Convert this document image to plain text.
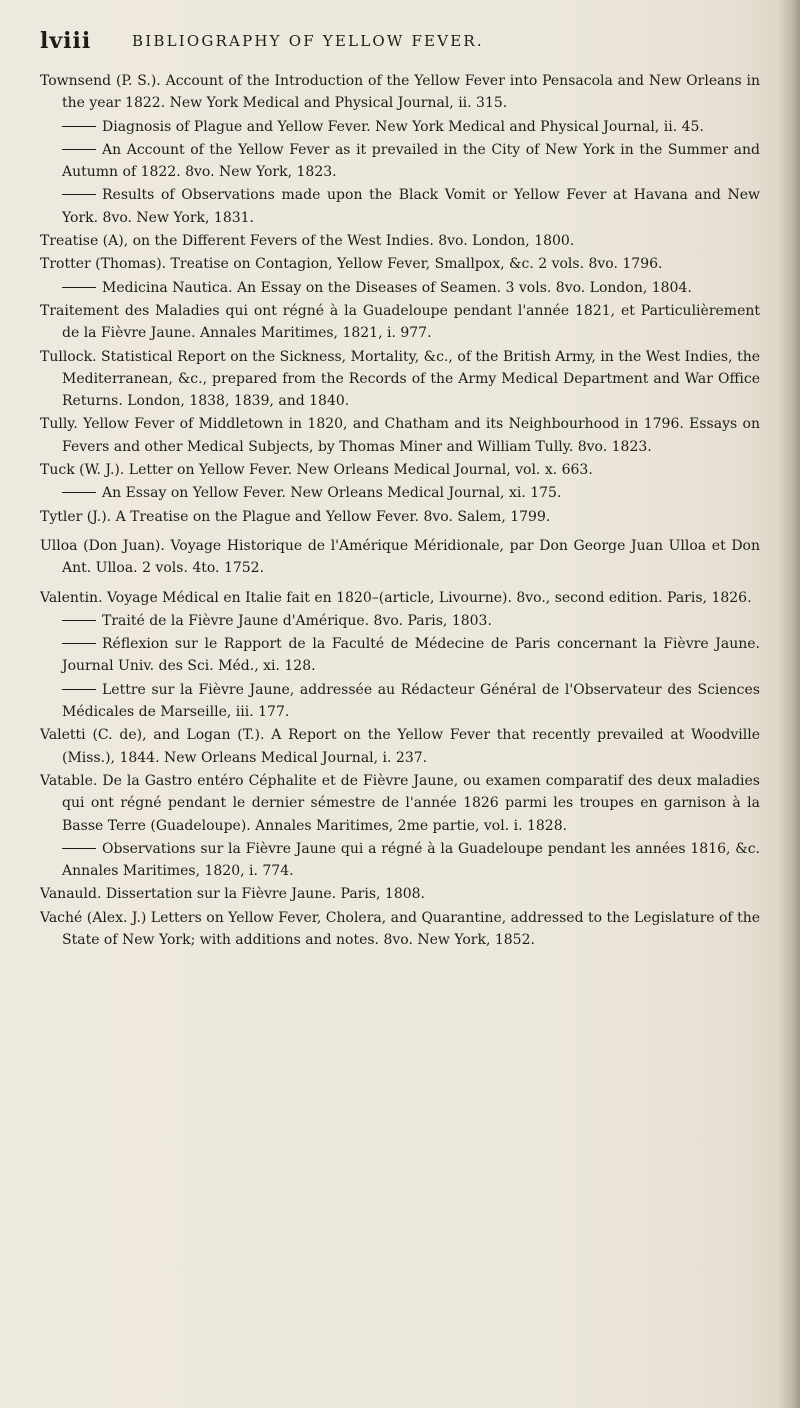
lviii	BIBLIOGRAPHY OF YELLOW FEVER.

Townsend (P. S.). Account of the Introduction of the Yellow Fever into Pensacola and New Orleans in the year 1822. New York Medical and Physical Journal, ii. 315.

Diagnosis of Plague and Yellow Fever. New York Medical and Physical Journal, ii. 45.

An Account of the Yellow Fever as it prevailed in the City of New York in the Summer and Autumn of 1822. 8vo. New York, 1823.

Results of Observations made upon the Black Vomit or Yellow Fever at Havana and New York. 8vo. New York, 1831.

Treatise (A), on the Different Fevers of the West Indies. 8vo. London, 1800.

Trotter (Thomas). Treatise on Contagion, Yellow Fever, Smallpox, &c. 2 vols. 8vo. 1796.

Medicina Nautica. An Essay on the Diseases of Seamen. 3 vols. 8vo. London, 1804.

Traitement des Maladies qui ont régné à la Guadeloupe pendant l'année 1821, et Particulièrement de la Fièvre Jaune. Annales Maritimes, 1821, i. 977.

Tullock. Statistical Report on the Sickness, Mortality, &c., of the British Army, in the West Indies, the Mediterranean, &c., prepared from the Records of the Army Medical Department and War Office Returns. London, 1838, 1839, and 1840.

Tully. Yellow Fever of Middletown in 1820, and Chatham and its Neighbourhood in 1796. Essays on Fevers and other Medical Subjects, by Thomas Miner and William Tully. 8vo. 1823.

Tuck (W. J.). Letter on Yellow Fever. New Orleans Medical Journal, vol. x. 663.

An Essay on Yellow Fever. New Orleans Medical Journal, xi. 175.

Tytler (J.). A Treatise on the Plague and Yellow Fever. 8vo. Salem, 1799.

Ulloa (Don Juan). Voyage Historique de l'Amérique Méridionale, par Don George Juan Ulloa et Don Ant. Ulloa. 2 vols. 4to. 1752.

Valentin. Voyage Médical en Italie fait en 1820–(article, Livourne). 8vo., second edition. Paris, 1826.

Traité de la Fièvre Jaune d'Amérique. 8vo. Paris, 1803.

Réflexion sur le Rapport de la Faculté de Médecine de Paris concernant la Fièvre Jaune. Journal Univ. des Sci. Méd., xi. 128.

Lettre sur la Fièvre Jaune, addressée au Rédacteur Général de l'Observateur des Sciences Médicales de Marseille, iii. 177.

Valetti (C. de), and Logan (T.). A Report on the Yellow Fever that recently prevailed at Woodville (Miss.), 1844. New Orleans Medical Journal, i. 237.

Vatable. De la Gastro entéro Céphalite et de Fièvre Jaune, ou examen comparatif des deux maladies qui ont régné pendant le dernier sémestre de l'année 1826 parmi les troupes en garnison à la Basse Terre (Guadeloupe). Annales Maritimes, 2me partie, vol. i. 1828.

Observations sur la Fièvre Jaune qui a régné à la Guadeloupe pendant les années 1816, &c. Annales Maritimes, 1820, i. 774.

Vanauld. Dissertation sur la Fièvre Jaune. Paris, 1808.

Vaché (Alex. J.) Letters on Yellow Fever, Cholera, and Quarantine, addressed to the Legislature of the State of New York; with additions and notes. 8vo. New York, 1852.
